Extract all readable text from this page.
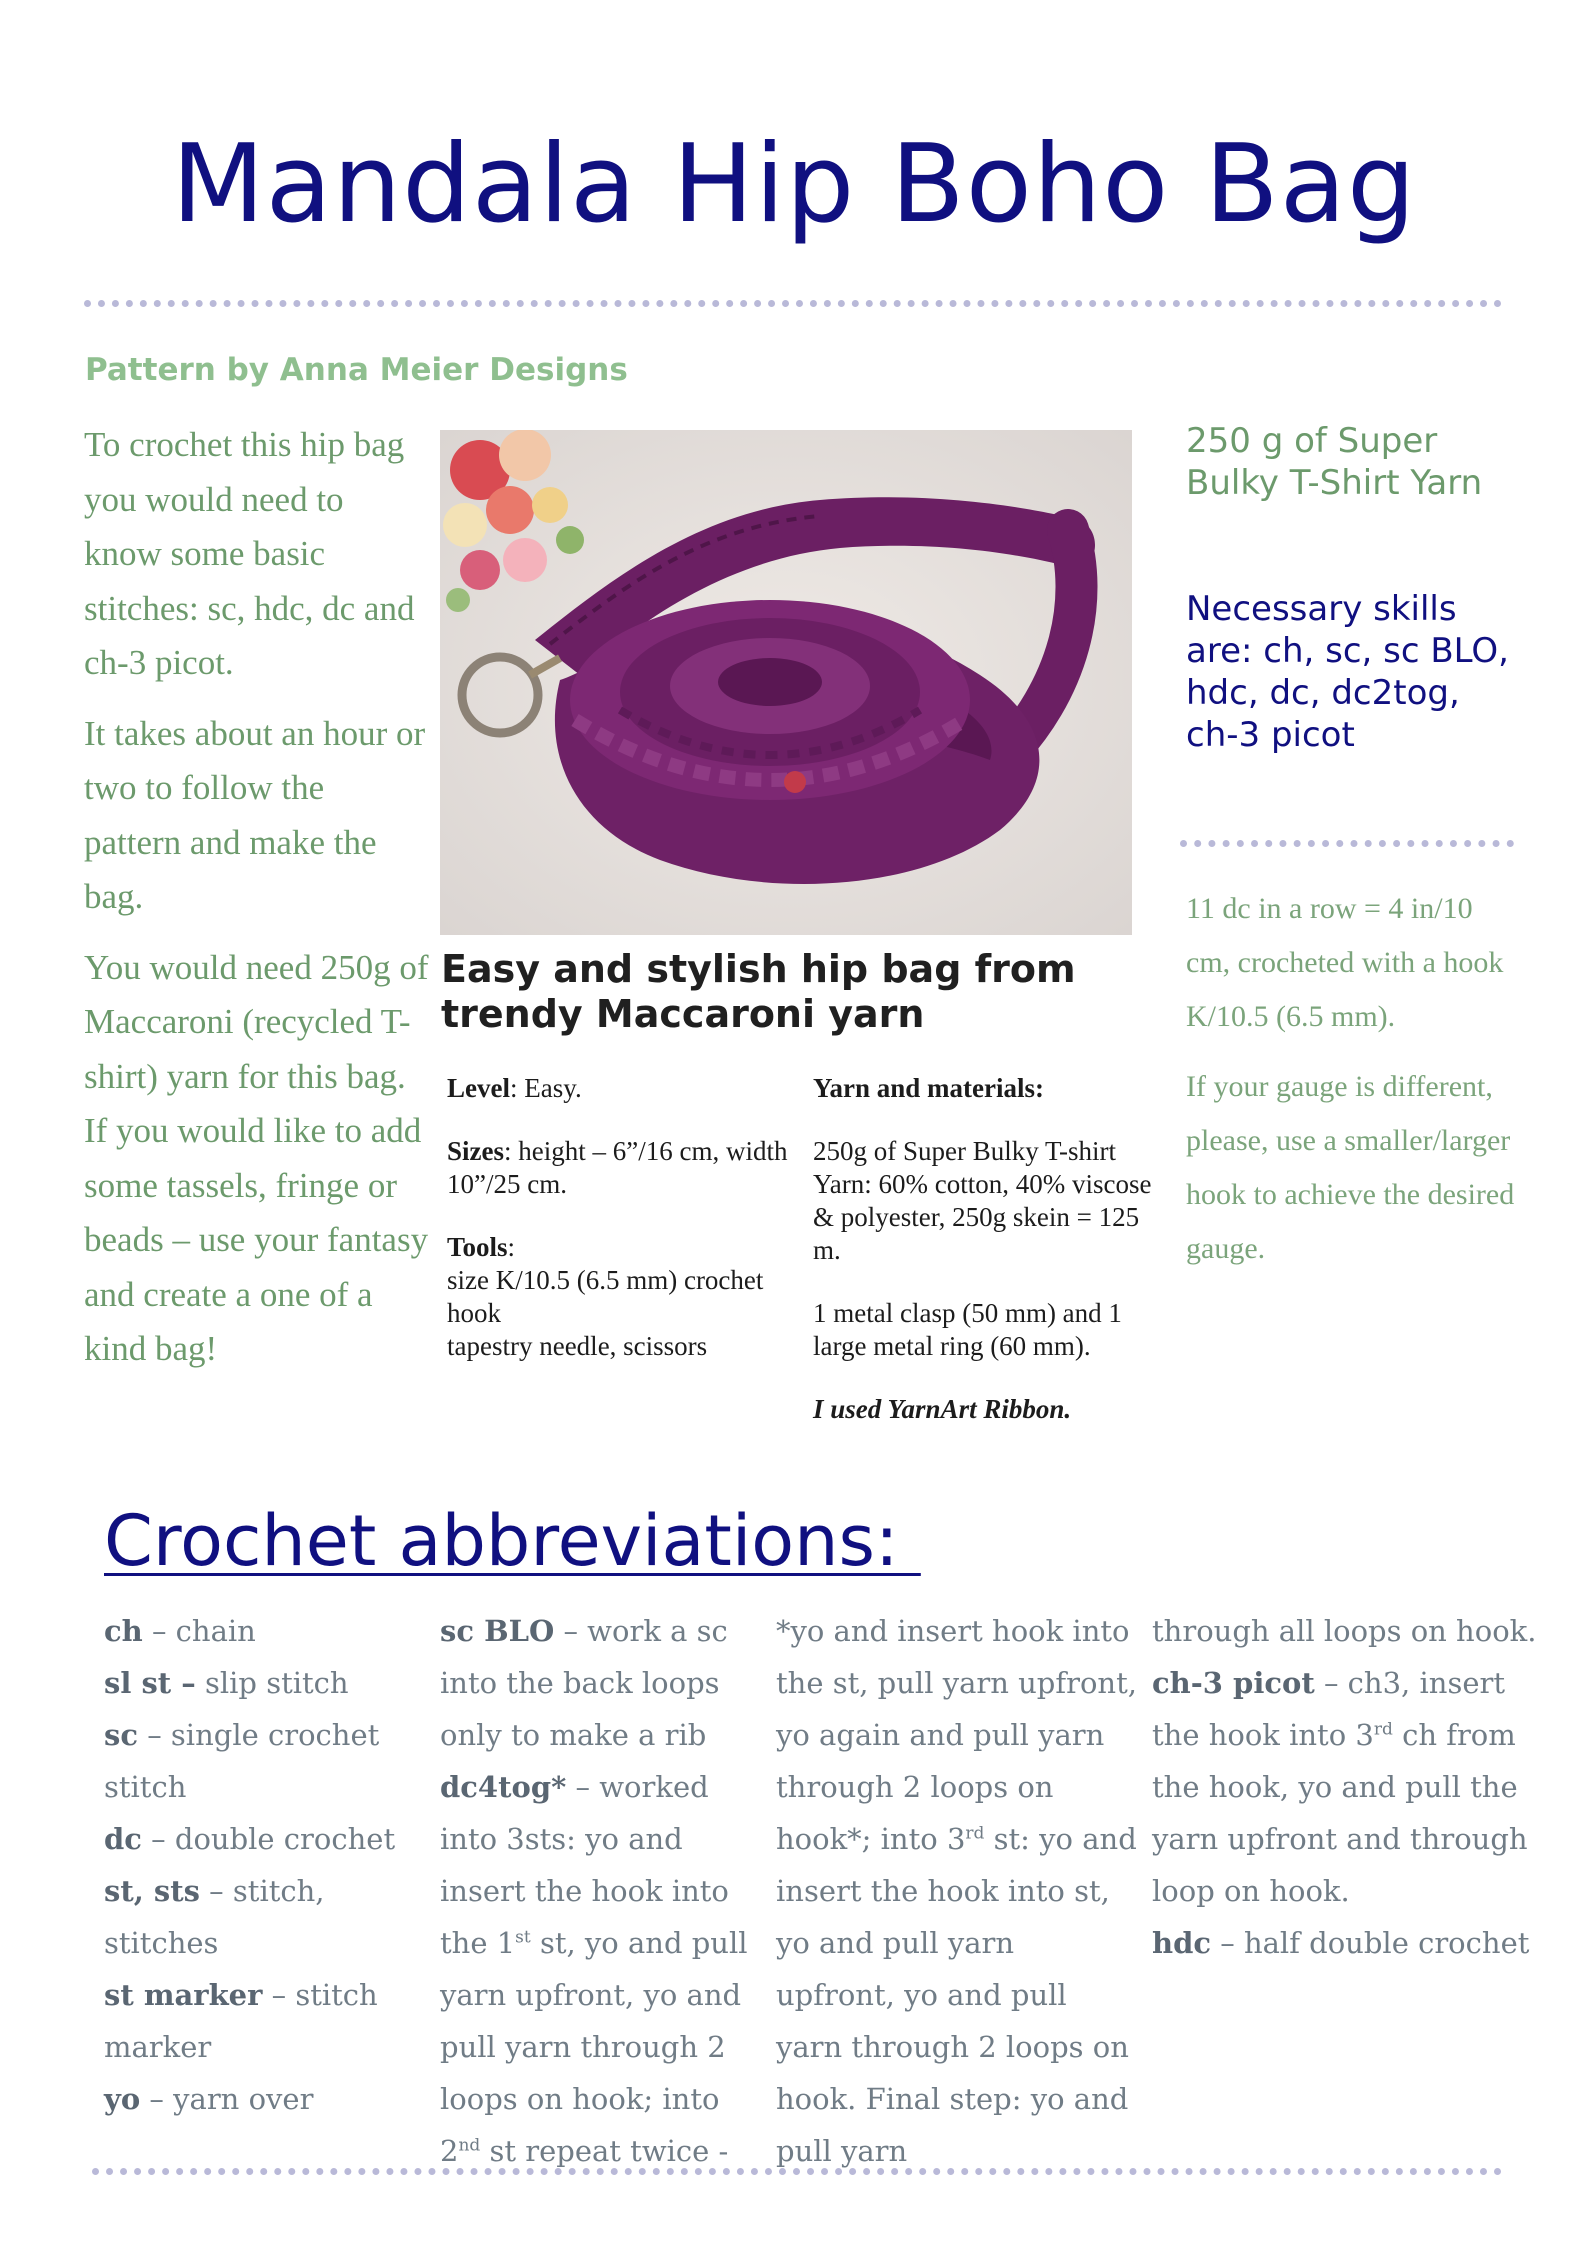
Mandala Hip Boho Bag
Pattern by Anna Meier Designs

To crochet this hip bag you would need to know some basic stitches: sc, hdc, dc and ch-3 picot.

It takes about an hour or two to follow the pattern and make the bag.

You would need 250g of Maccaroni (recycled T-shirt) yarn for this bag. If you would like to add some tassels, fringe or beads – use your fantasy and create a one of a kind bag!

Easy and stylish hip bag from trendy Maccaroni yarn

Level: Easy.

Sizes: height – 6”/16 cm, width 10”/25 cm.

Tools:
size K/10.5 (6.5 mm) crochet hook
tapestry needle, scissors

Yarn and materials:

250g of Super Bulky T-shirt Yarn: 60% cotton, 40% viscose & polyester, 250g skein = 125 m.

1 metal clasp (50 mm) and 1 large metal ring (60 mm).

I used YarnArt Ribbon.

250 g of Super Bulky T-Shirt Yarn
Necessary skills are: ch, sc, sc BLO, hdc, dc, dc2tog, ch-3 picot

11 dc in a row = 4 in/10 cm, crocheted with a hook K/10.5 (6.5 mm).

If your gauge is different, please, use a smaller/larger hook to achieve the desired gauge.

Crochet abbreviations:
ch – chain
sl st – slip stitch
sc – single crochet stitch
dc – double crochet
st, sts – stitch, stitches
st marker – stitch marker
yo – yarn over
sc BLO – work a sc into the back loops only to make a rib
dc4tog* – worked into 3sts: yo and insert the hook into the 1st st, yo and pull yarn upfront, yo and pull yarn through 2 loops on hook; into 2nd st repeat twice -
*yo and insert hook into the st, pull yarn upfront, yo again and pull yarn through 2 loops on hook*; into 3rd st: yo and insert the hook into st, yo and pull yarn upfront, yo and pull yarn through 2 loops on hook. Final step: yo and pull yarn
through all loops on hook.
ch-3 picot – ch3, insert the hook into 3rd ch from the hook, yo and pull the yarn upfront and through loop on hook.
hdc – half double crochet
